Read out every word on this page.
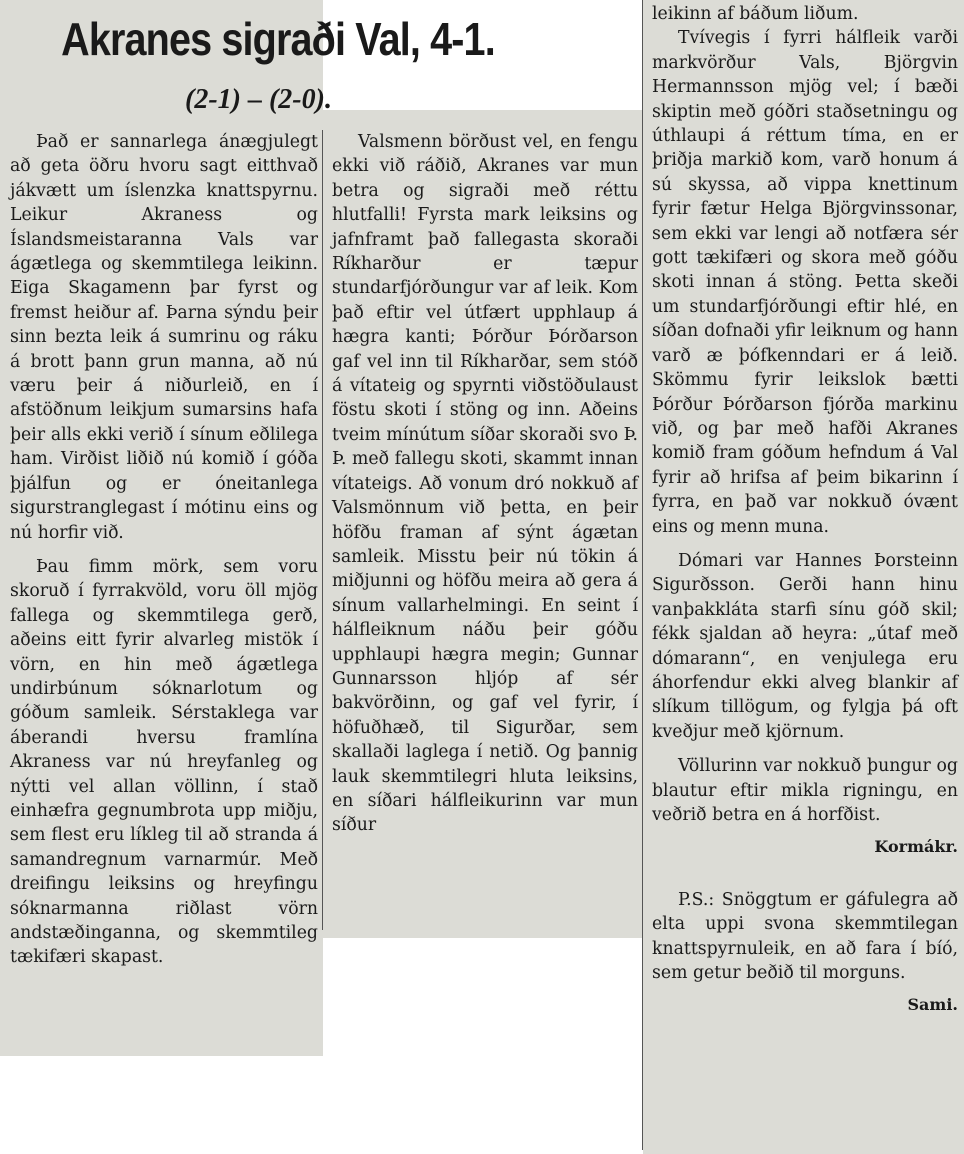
Akranes sigraði Val, 4-1.
(2-1) – (2-0).

Það er sannarlega ánægjulegt að geta öðru hvoru sagt eitthvað jákvætt um íslenzka knattspyrnu. Leikur Akraness og Íslandsmeistaranna Vals var ágætlega og skemmtilega leikinn. Eiga Skagamenn þar fyrst og fremst heiður af. Þarna sýndu þeir sinn bezta leik á sumrinu og ráku á brott þann grun manna, að nú væru þeir á niðurleið, en í afstöðnum leikjum sumarsins hafa þeir alls ekki verið í sínum eðlilega ham. Virðist liðið nú komið í góða þjálfun og er óneitanlega sigurstranglegast í mótinu eins og nú horfir við.

Þau fimm mörk, sem voru skoruð í fyrrakvöld, voru öll mjög fallega og skemmtilega gerð, aðeins eitt fyrir alvarleg mistök í vörn, en hin með ágætlega undirbúnum sóknarlotum og góðum samleik. Sérstaklega var áberandi hversu framlína Akraness var nú hreyfanleg og nýtti vel allan völlinn, í stað einhæfra gegnumbrota upp miðju, sem flest eru líkleg til að stranda á samandregnum varnarmúr. Með dreifingu leiksins og hreyfingu sóknarmanna riðlast vörn andstæðinganna, og skemmtileg tækifæri skapast.

Valsmenn börðust vel, en fengu ekki við ráðið, Akranes var mun betra og sigraði með réttu hlutfalli! Fyrsta mark leiksins og jafnframt það fallegasta skoraði Ríkharður er tæpur stundarfjórðungur var af leik. Kom það eftir vel útfært upphlaup á hægra kanti; Þórður Þórðarson gaf vel inn til Ríkharðar, sem stóð á vítateig og spyrnti viðstöðulaust föstu skoti í stöng og inn. Aðeins tveim mínútum síðar skoraði svo Þ. Þ. með fallegu skoti, skammt innan vítateigs. Að vonum dró nokkuð af Valsmönnum við þetta, en þeir höfðu framan af sýnt ágætan samleik. Misstu þeir nú tökin á miðjunni og höfðu meira að gera á sínum vallarhelmingi. En seint í hálfleiknum náðu þeir góðu upphlaupi hægra megin; Gunnar Gunnarsson hljóp af sér bakvörðinn, og gaf vel fyrir, í höfuðhæð, til Sigurðar, sem skallaði laglega í netið. Og þannig lauk skemmtilegri hluta leiksins, en síðari hálfleikurinn var mun síður

leikinn af báðum liðum.

Tvívegis í fyrri hálfleik varði markvörður Vals, Björgvin Hermannsson mjög vel; í bæði skiptin með góðri staðsetningu og úthlaupi á réttum tíma, en er þriðja markið kom, varð honum á sú skyssa, að vippa knettinum fyrir fætur Helga Björgvinssonar, sem ekki var lengi að notfæra sér gott tækifæri og skora með góðu skoti innan á stöng. Þetta skeði um stundarfjórðungi eftir hlé, en síðan dofnaði yfir leiknum og hann varð æ þófkenndari er á leið. Skömmu fyrir leikslok bætti Þórður Þórðarson fjórða markinu við, og þar með hafði Akranes komið fram góðum hefndum á Val fyrir að hrifsa af þeim bikarinn í fyrra, en það var nokkuð óvænt eins og menn muna.

Dómari var Hannes Þorsteinn Sigurðsson. Gerði hann hinu vanþakkláta starfi sínu góð skil; fékk sjaldan að heyra: „útaf með dómarann“, en venjulega eru áhorfendur ekki alveg blankir af slíkum tillögum, og fylgja þá oft kveðjur með kjörnum.

Völlurinn var nokkuð þungur og blautur eftir mikla rigningu, en veðrið betra en á horfðist.

Kormákr.

P.S.: Snöggtum er gáfulegra að elta uppi svona skemmtilegan knattspyrnuleik, en að fara í bíó, sem getur beðið til morguns.

Sami.
